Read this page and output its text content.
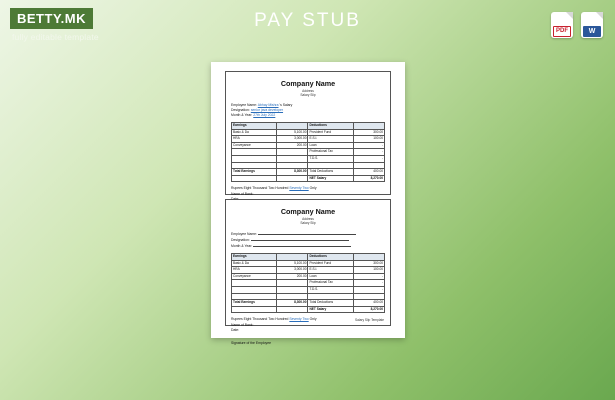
BETTY.MK
fully editable template
PAY STUB	PDF	W
Company Name
Address
Salary Slip
Employee Name: Abhay Mishra 's Salary
Designation: senior java developer
Month & Year: 27th July 2022
Earnings		Deductions	
Basic & Da	5,100.00	Provident Fund	300.00
HRA	3,000.00	E.S.I.	100.00
Conveyance	200.00	Loan	-
		Professional Tax	-
		T.D.S.	-

Total Earnings	8,300.00	Total Deductions	400.00
		NET Salary	8,270.00
Rupees Eight Thousand Two Hundred Seventy Two Only
Name of Bank:
Company Name
Address
Salary Slip
Employee Name:
Designation:
Month & Year:
Earnings		Deductions	
Basic & Da	5,100.00	Provident Fund	300.00
HRA	3,000.00	E.S.I.	100.00
Conveyance	200.00	Loan	-
		Professional Tax	-
		T.D.S.	-

Total Earnings	8,300.00	Total Deductions	400.00
		NET Salary	8,270.00
Rupees Eight Thousand Two Hundred Seventy Two Only
Name of Bank:
Date:
Signature of the Employee
Salary Slip Template
